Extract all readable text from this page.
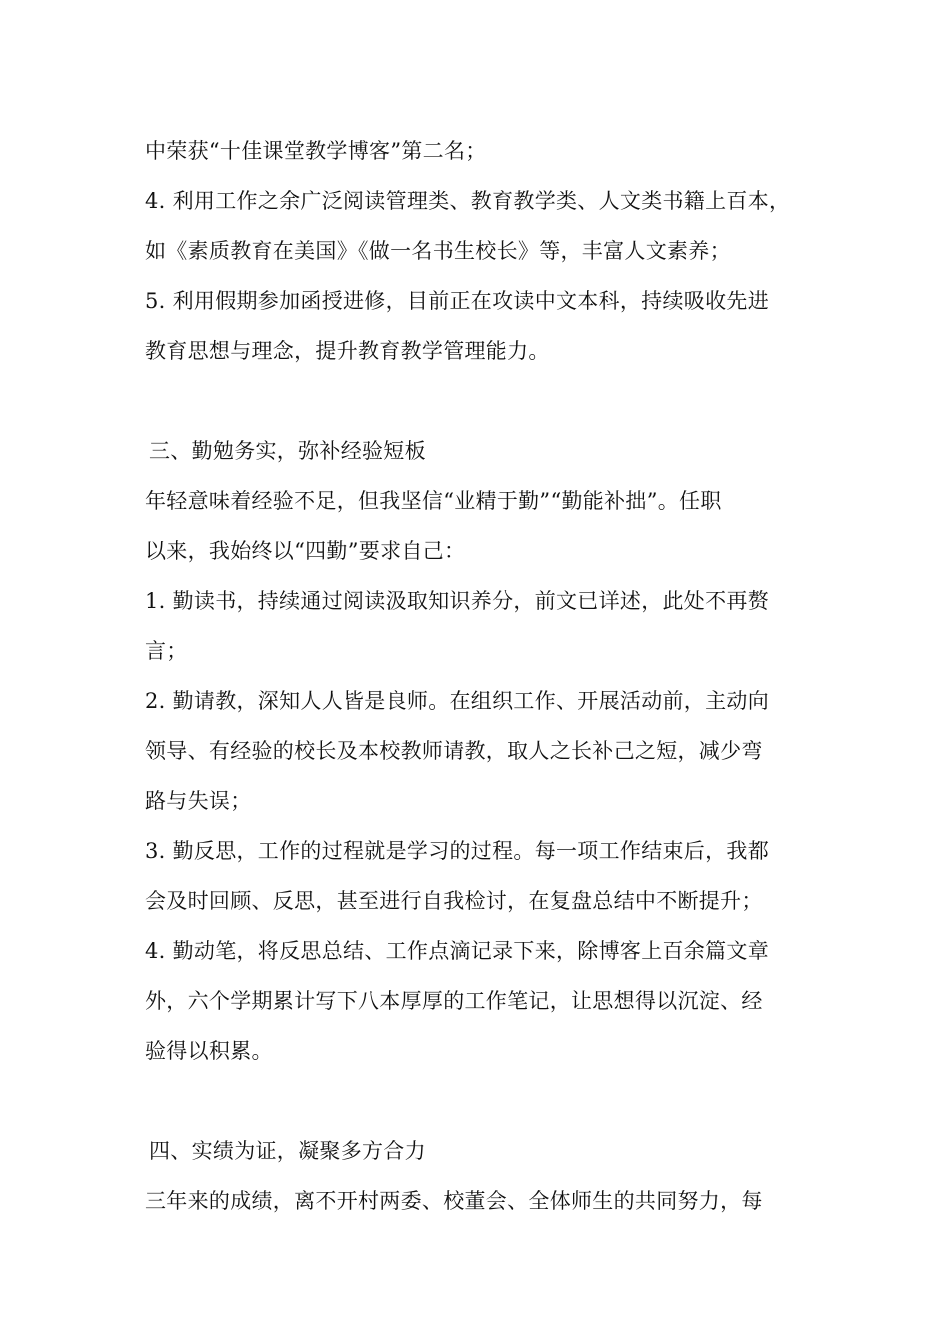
中荣获“十佳课堂教学博客”第二名；
4. 利用工作之余广泛阅读管理类、教育教学类、人文类书籍上百本，
如《素质教育在美国》《做一名书生校长》等，丰富人文素养；
5. 利用假期参加函授进修，目前正在攻读中文本科，持续吸收先进
教育思想与理念，提升教育教学管理能力。
三、勤勉务实，弥补经验短板
年轻意味着经验不足，但我坚信“业精于勤”“勤能补拙”。任职
以来，我始终以“四勤”要求自己：
1. 勤读书，持续通过阅读汲取知识养分，前文已详述，此处不再赘
言；
2. 勤请教，深知人人皆是良师。在组织工作、开展活动前，主动向
领导、有经验的校长及本校教师请教，取人之长补己之短，减少弯
路与失误；
3. 勤反思，工作的过程就是学习的过程。每一项工作结束后，我都
会及时回顾、反思，甚至进行自我检讨，在复盘总结中不断提升；
4. 勤动笔，将反思总结、工作点滴记录下来，除博客上百余篇文章
外，六个学期累计写下八本厚厚的工作笔记，让思想得以沉淀、经
验得以积累。
四、实绩为证，凝聚多方合力
三年来的成绩，离不开村两委、校董会、全体师生的共同努力，每
